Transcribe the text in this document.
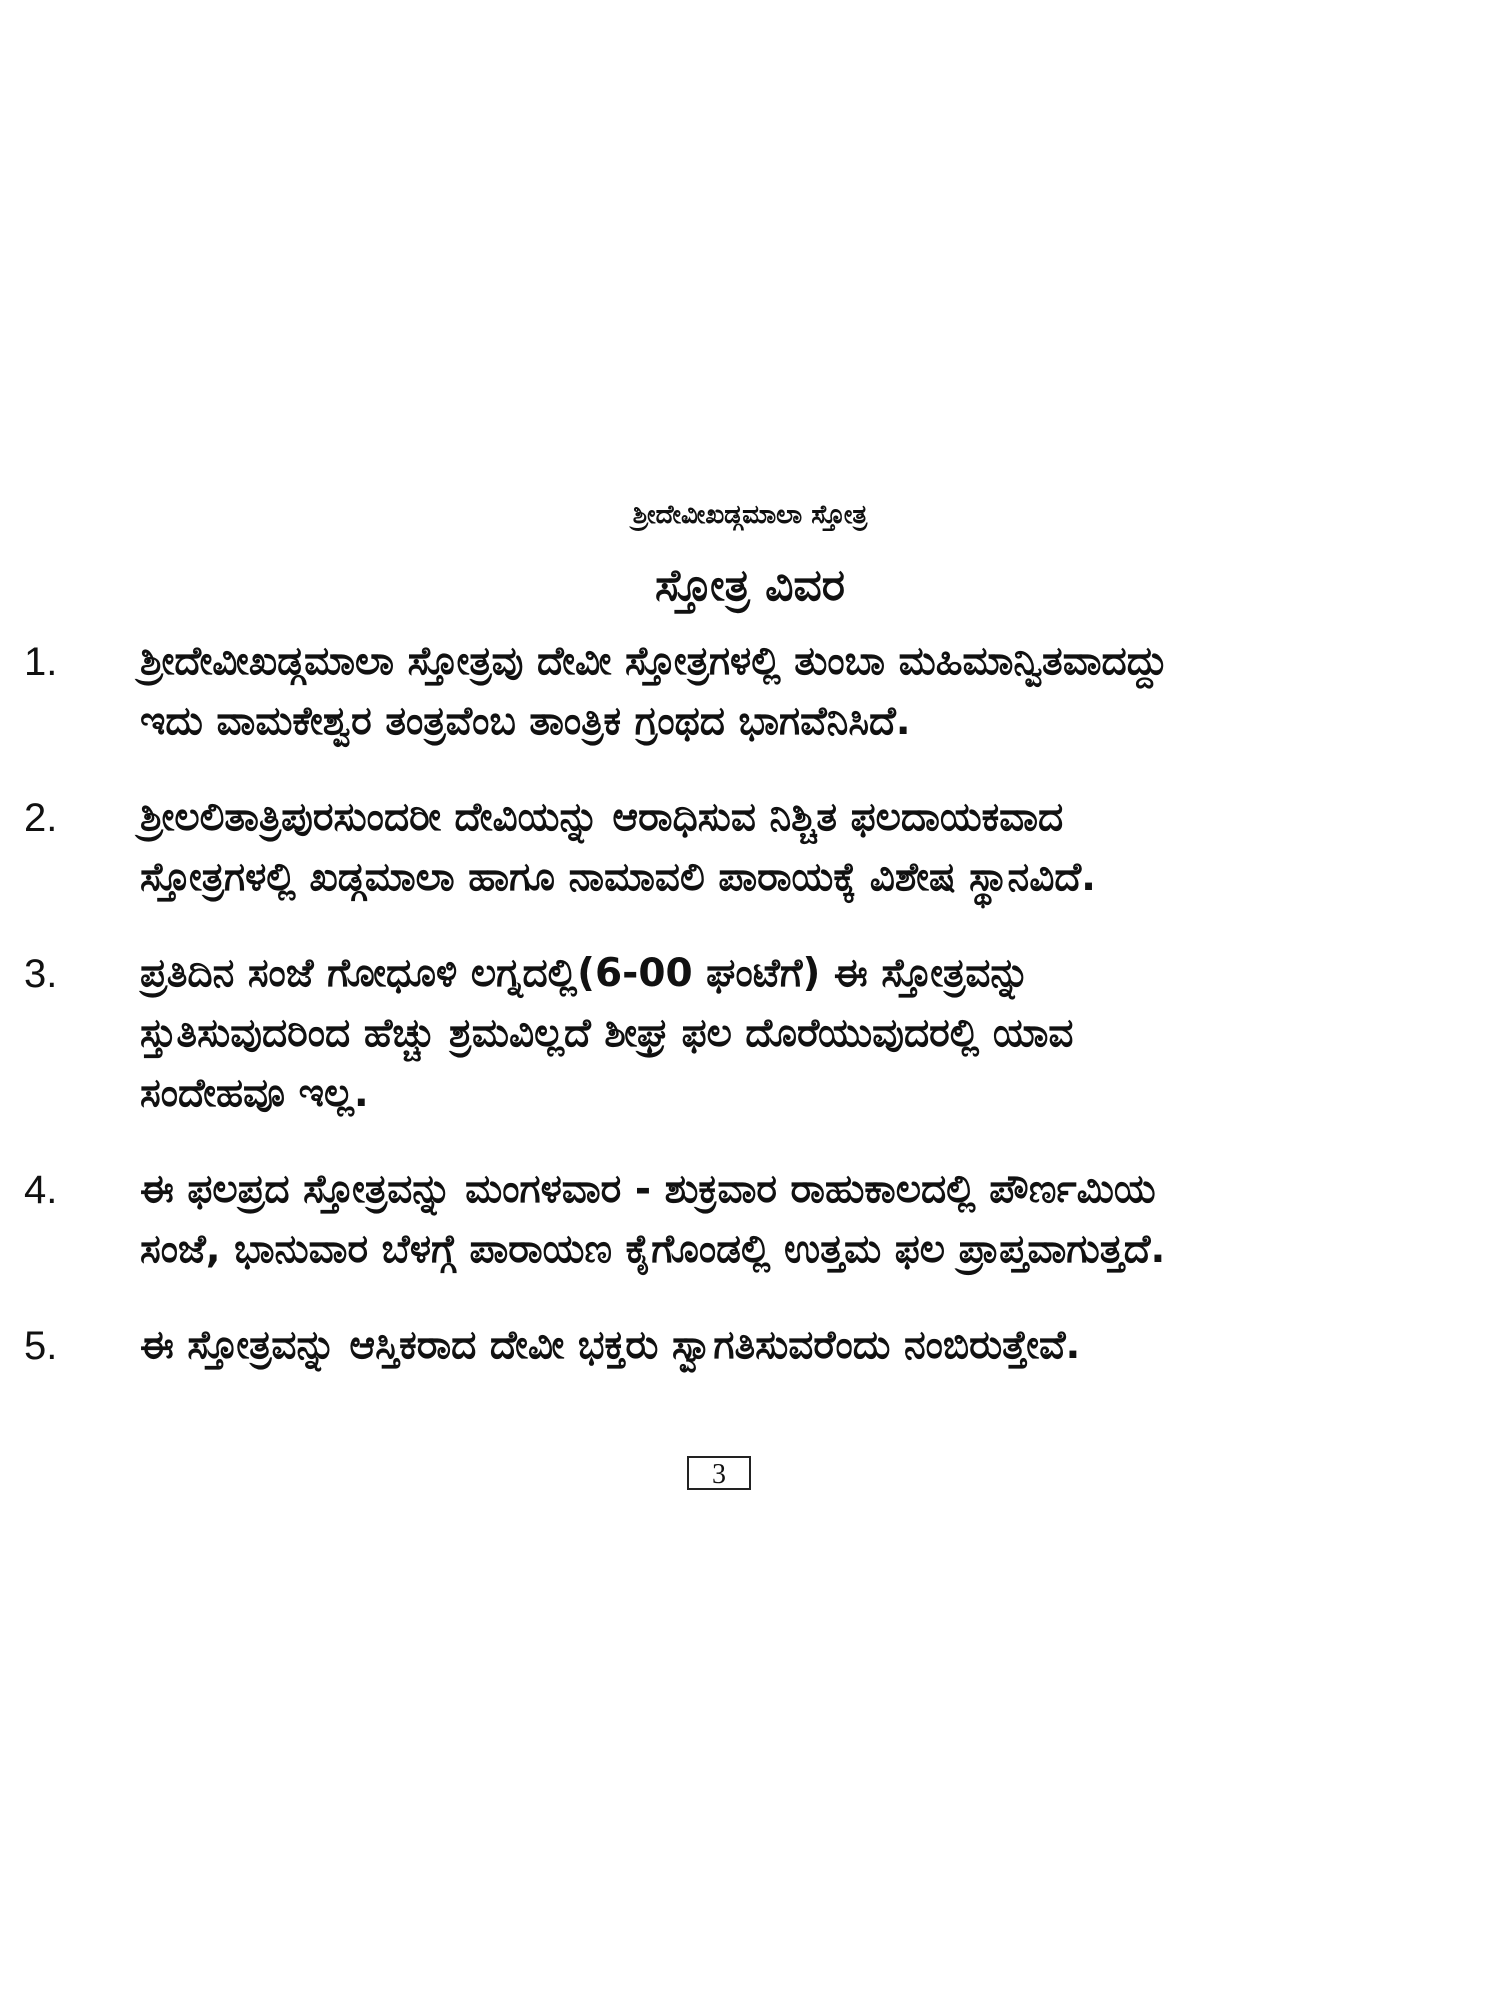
ಶ್ರೀದೇವೀಖಡ್ಗಮಾಲಾ ಸ್ತೋತ್ರ
ಸ್ತೋತ್ರ ವಿವರ
1.	ಶ್ರೀದೇವೀಖಡ್ಗಮಾಲಾ ಸ್ತೋತ್ರವು ದೇವೀ ಸ್ತೋತ್ರಗಳಲ್ಲಿ ತುಂಬಾ ಮಹಿಮಾನ್ವಿತವಾದದ್ದು
ಇದು ವಾಮಕೇಶ್ವರ ತಂತ್ರವೆಂಬ ತಾಂತ್ರಿಕ ಗ್ರಂಥದ ಭಾಗವೆನಿಸಿದೆ.
2.	ಶ್ರೀಲಲಿತಾತ್ರಿಪುರಸುಂದರೀ ದೇವಿಯನ್ನು ಆರಾಧಿಸುವ ನಿಶ್ಚಿತ ಫಲದಾಯಕವಾದ
ಸ್ತೋತ್ರಗಳಲ್ಲಿ ಖಡ್ಗಮಾಲಾ ಹಾಗೂ ನಾಮಾವಲಿ ಪಾರಾಯಕ್ಕೆ ವಿಶೇಷ ಸ್ಥಾನವಿದೆ.
3.	ಪ್ರತಿದಿನ ಸಂಜೆ ಗೋಧೂಳಿ ಲಗ್ನದಲ್ಲಿ(6-00 ಘಂಟೆಗೆ) ಈ ಸ್ತೋತ್ರವನ್ನು
ಸ್ತುತಿಸುವುದರಿಂದ ಹೆಚ್ಚು ಶ್ರಮವಿಲ್ಲದೆ ಶೀಘ್ರ ಫಲ ದೊರೆಯುವುದರಲ್ಲಿ ಯಾವ
ಸಂದೇಹವೂ ಇಲ್ಲ.
4.	ಈ ಫಲಪ್ರದ ಸ್ತೋತ್ರವನ್ನು ಮಂಗಳವಾರ - ಶುಕ್ರವಾರ ರಾಹುಕಾಲದಲ್ಲಿ ಪೌರ್ಣಮಿಯ
ಸಂಜೆ, ಭಾನುವಾರ ಬೆಳಗ್ಗೆ ಪಾರಾಯಣ ಕೈಗೊಂಡಲ್ಲಿ ಉತ್ತಮ ಫಲ ಪ್ರಾಪ್ತವಾಗುತ್ತದೆ.
5.	ಈ ಸ್ತೋತ್ರವನ್ನು ಆಸ್ತಿಕರಾದ ದೇವೀ ಭಕ್ತರು ಸ್ವಾಗತಿಸುವರೆಂದು ನಂಬಿರುತ್ತೇವೆ.
3
